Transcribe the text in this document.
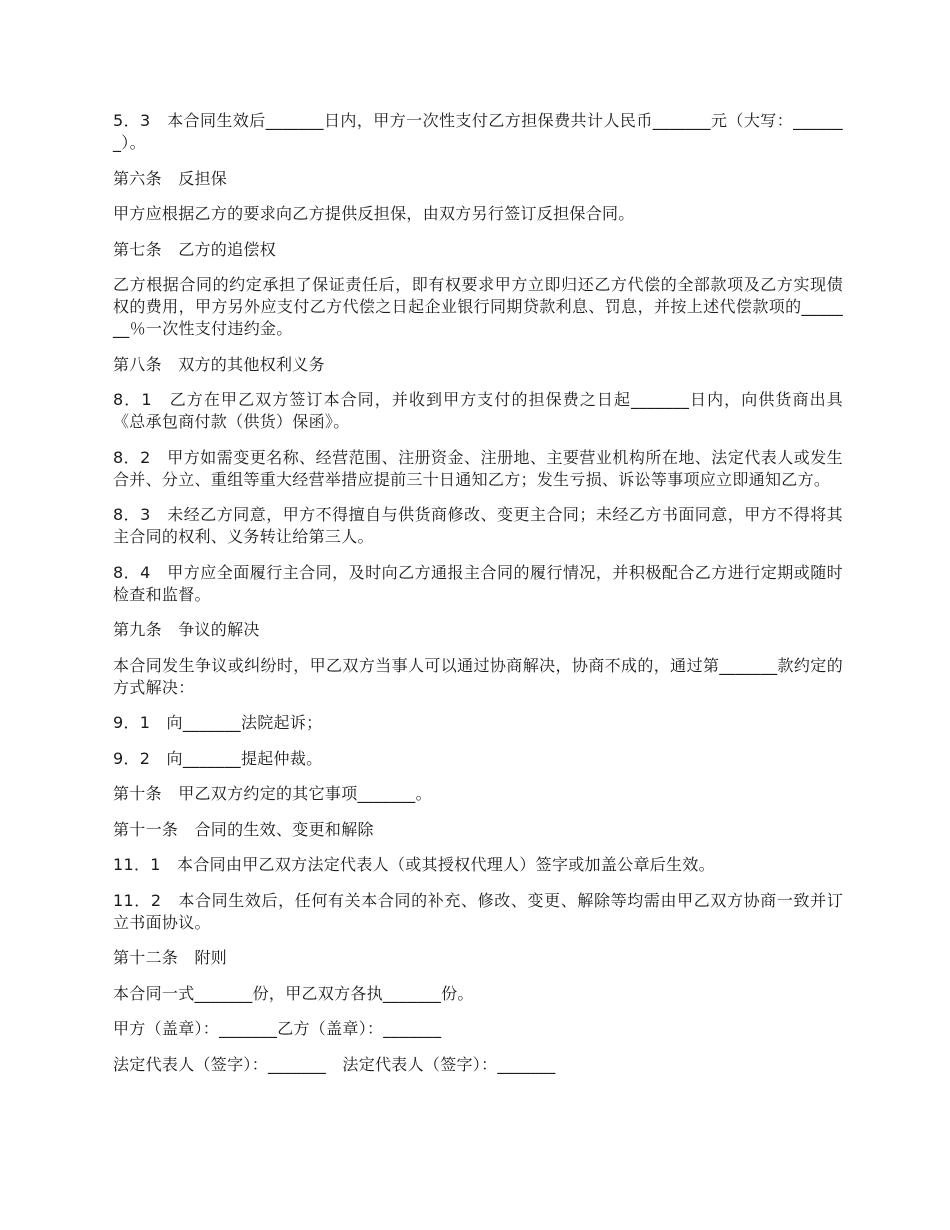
5．3　本合同生效后_______日内，甲方一次性支付乙方担保费共计人民币_______元（大写：_______）。

第六条　反担保

甲方应根据乙方的要求向乙方提供反担保，由双方另行签订反担保合同。

第七条　乙方的追偿权

乙方根据合同的约定承担了保证责任后，即有权要求甲方立即归还乙方代偿的全部款项及乙方实现债权的费用，甲方另外应支付乙方代偿之日起企业银行同期贷款利息、罚息，并按上述代偿款项的_______％一次性支付违约金。

第八条　双方的其他权利义务

8．1　乙方在甲乙双方签订本合同，并收到甲方支付的担保费之日起_______日内，向供货商出具《总承包商付款（供货）保函》。

8．2　甲方如需变更名称、经营范围、注册资金、注册地、主要营业机构所在地、法定代表人或发生合并、分立、重组等重大经营举措应提前三十日通知乙方；发生亏损、诉讼等事项应立即通知乙方。

8．3　未经乙方同意，甲方不得擅自与供货商修改、变更主合同；未经乙方书面同意，甲方不得将其主合同的权利、义务转让给第三人。

8．4　甲方应全面履行主合同，及时向乙方通报主合同的履行情况，并积极配合乙方进行定期或随时检查和监督。

第九条　争议的解决

本合同发生争议或纠纷时，甲乙双方当事人可以通过协商解决，协商不成的，通过第_______款约定的方式解决：

9．1　向_______法院起诉；

9．2　向_______提起仲裁。

第十条　甲乙双方约定的其它事项_______。

第十一条　合同的生效、变更和解除

11．1　本合同由甲乙双方法定代表人（或其授权代理人）签字或加盖公章后生效。

11．2　本合同生效后，任何有关本合同的补充、修改、变更、解除等均需由甲乙双方协商一致并订立书面协议。

第十二条　附则

本合同一式_______份，甲乙双方各执_______份。

甲方（盖章）：_______乙方（盖章）：_______

法定代表人（签字）：_______　法定代表人（签字）：_______
